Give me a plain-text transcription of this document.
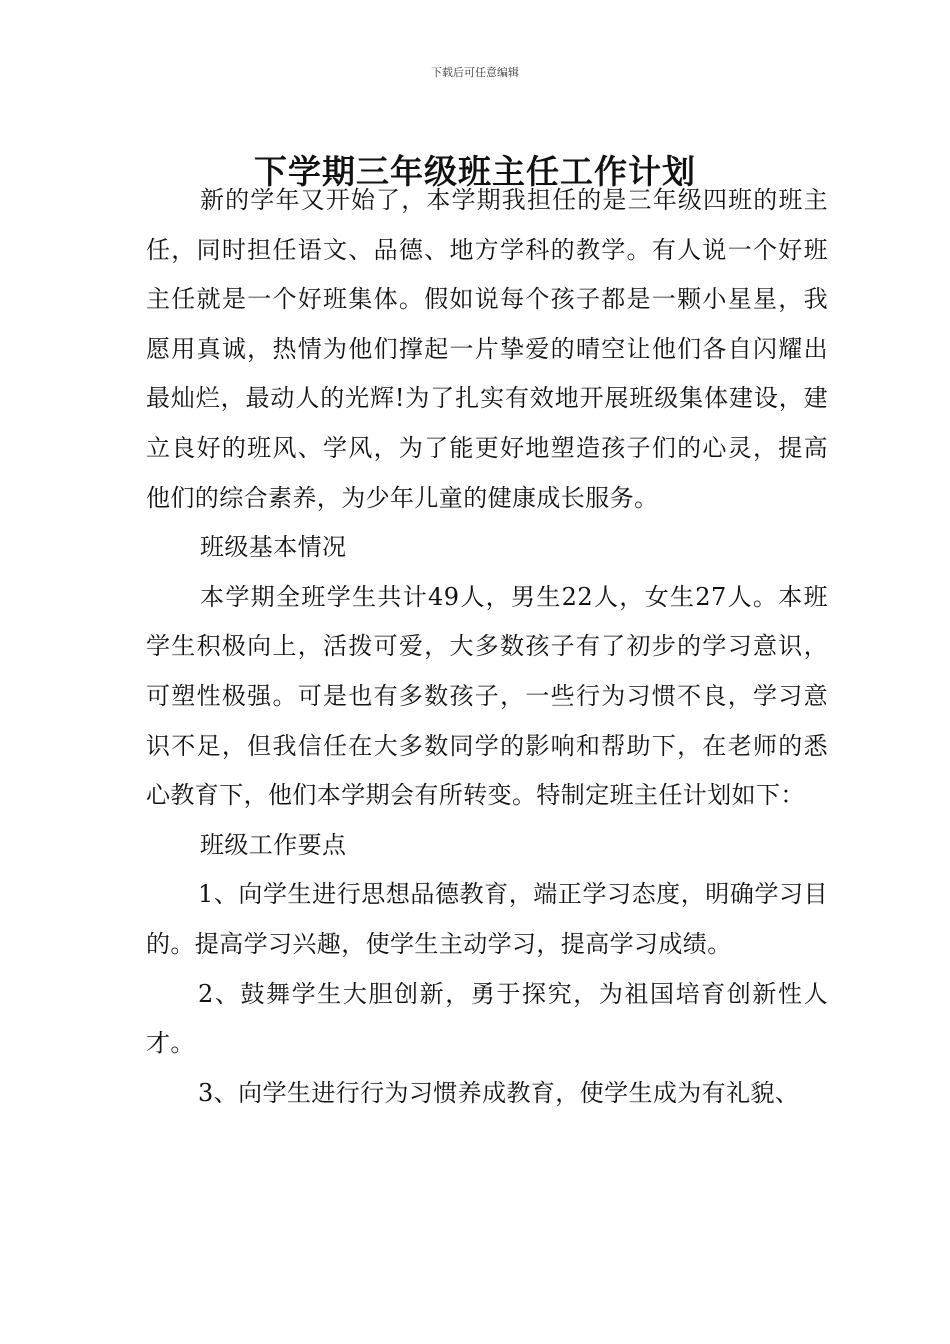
下载后可任意编辑
下学期三年级班主任工作计划

新的学年又开始了，本学期我担任的是三年级四班的班主任，同时担任语文、品德、地方学科的教学。有人说一个好班主任就是一个好班集体。假如说每个孩子都是一颗小星星，我愿用真诚，热情为他们撑起一片挚爱的晴空让他们各自闪耀出最灿烂，最动人的光辉!为了扎实有效地开展班级集体建设，建立良好的班风、学风，为了能更好地塑造孩子们的心灵，提高他们的综合素养，为少年儿童的健康成长服务。

班级基本情况

本学期全班学生共计49人，男生22人，女生27人。本班学生积极向上，活拨可爱，大多数孩子有了初步的学习意识，可塑性极强。可是也有多数孩子，一些行为习惯不良，学习意识不足，但我信任在大多数同学的影响和帮助下，在老师的悉心教育下，他们本学期会有所转变。特制定班主任计划如下：

班级工作要点

1、向学生进行思想品德教育，端正学习态度，明确学习目的。提高学习兴趣，使学生主动学习，提高学习成绩。

2、鼓舞学生大胆创新，勇于探究，为祖国培育创新性人才。

3、向学生进行行为习惯养成教育，使学生成为有礼貌、
